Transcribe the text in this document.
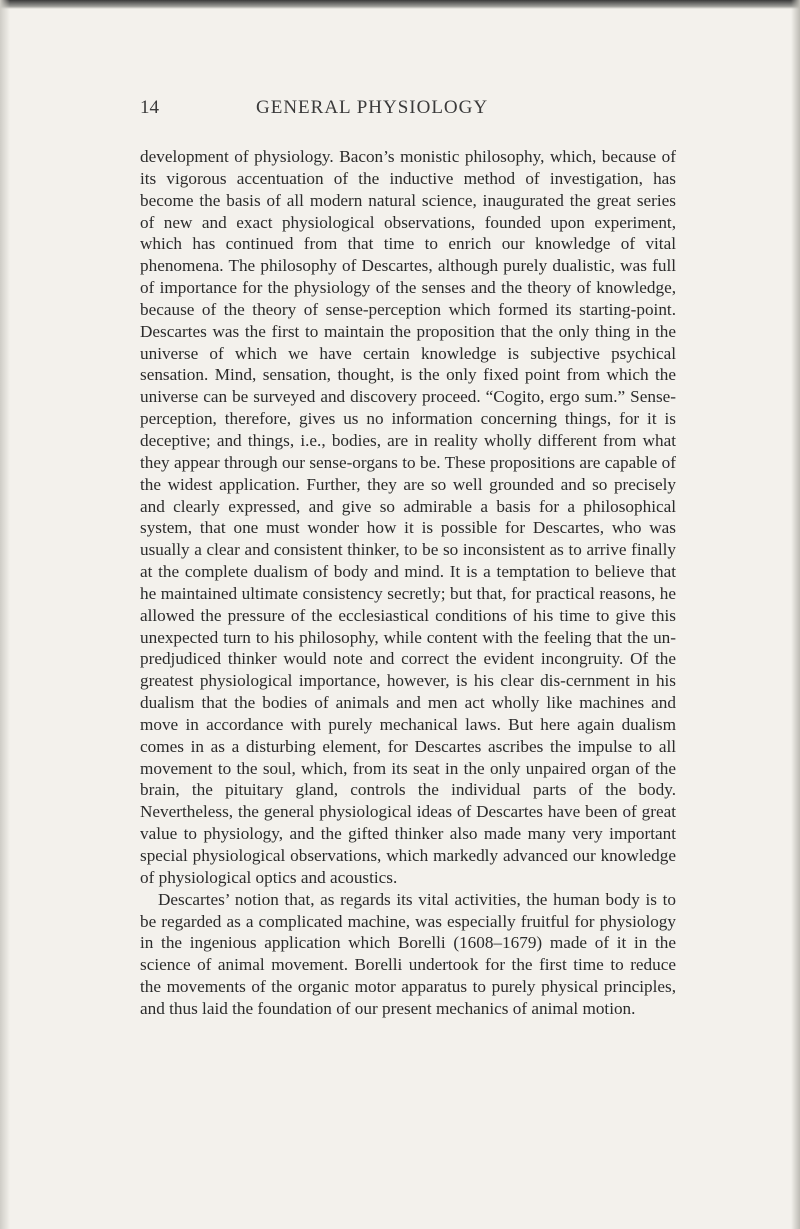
14	GENERAL PHYSIOLOGY

development of physiology. Bacon’s monistic philosophy, which, because of its vigorous accentuation of the inductive method of investigation, has become the basis of all modern natural science, inaugurated the great series of new and exact physiological observations, founded upon experiment, which has continued from that time to enrich our knowledge of vital phenomena. The philosophy of Descartes, although purely dualistic, was full of importance for the physiology of the senses and the theory of knowledge, because of the theory of sense-perception which formed its starting-point. Descartes was the first to maintain the proposition that the only thing in the universe of which we have certain knowledge is subjective psychical sensation. Mind, sensation, thought, is the only fixed point from which the universe can be surveyed and discovery proceed. “Cogito, ergo sum.” Sense-perception, therefore, gives us no information concerning things, for it is deceptive; and things, i.e., bodies, are in reality wholly different from what they appear through our sense-organs to be. These propositions are capable of the widest application. Further, they are so well grounded and so precisely and clearly expressed, and give so admirable a basis for a philosophical system, that one must wonder how it is possible for Descartes, who was usually a clear and consistent thinker, to be so inconsistent as to arrive finally at the complete dualism of body and mind. It is a temptation to believe that he maintained ultimate consistency secretly; but that, for practical reasons, he allowed the pressure of the ecclesiastical conditions of his time to give this unexpected turn to his philosophy, while content with the feeling that the un-predjudiced thinker would note and correct the evident incongruity. Of the greatest physiological importance, however, is his clear dis-cernment in his dualism that the bodies of animals and men act wholly like machines and move in accordance with purely mechanical laws. But here again dualism comes in as a disturbing element, for Descartes ascribes the impulse to all movement to the soul, which, from its seat in the only unpaired organ of the brain, the pituitary gland, controls the individual parts of the body. Nevertheless, the general physiological ideas of Descartes have been of great value to physiology, and the gifted thinker also made many very important special physiological observations, which markedly advanced our knowledge of physiological optics and acoustics.

Descartes’ notion that, as regards its vital activities, the human body is to be regarded as a complicated machine, was especially fruitful for physiology in the ingenious application which Borelli (1608–1679) made of it in the science of animal movement. Borelli undertook for the first time to reduce the movements of the organic motor apparatus to purely physical principles, and thus laid the foundation of our present mechanics of animal motion.
